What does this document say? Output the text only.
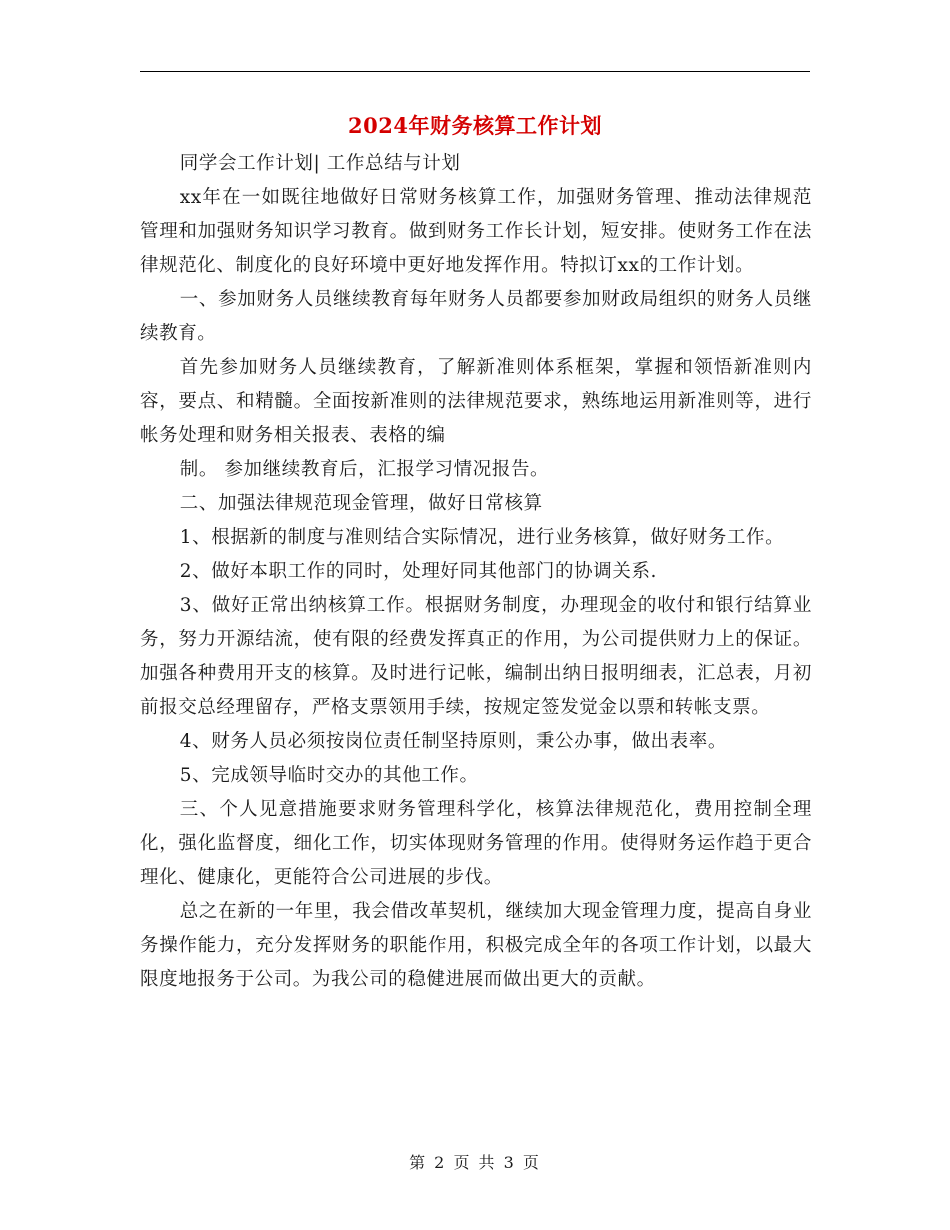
2024年财务核算工作计划

同学会工作计划| 工作总结与计划

xx年在一如既往地做好日常财务核算工作，加强财务管理、推动法律规范管理和加强财务知识学习教育。做到财务工作长计划，短安排。使财务工作在法律规范化、制度化的良好环境中更好地发挥作用。特拟订xx的工作计划。

一、参加财务人员继续教育每年财务人员都要参加财政局组织的财务人员继续教育。

首先参加财务人员继续教育，了解新准则体系框架，掌握和领悟新准则内容，要点、和精髓。全面按新准则的法律规范要求，熟练地运用新准则等，进行帐务处理和财务相关报表、表格的编

制。 参加继续教育后，汇报学习情况报告。

二、加强法律规范现金管理，做好日常核算

1、根据新的制度与准则结合实际情况，进行业务核算，做好财务工作。

2、做好本职工作的同时，处理好同其他部门的协调关系.

3、做好正常出纳核算工作。根据财务制度，办理现金的收付和银行结算业务，努力开源结流，使有限的经费发挥真正的作用，为公司提供财力上的保证。加强各种费用开支的核算。及时进行记帐，编制出纳日报明细表，汇总表，月初前报交总经理留存，严格支票领用手续，按规定签发觉金以票和转帐支票。

4、财务人员必须按岗位责任制坚持原则，秉公办事，做出表率。

5、完成领导临时交办的其他工作。

三、个人见意措施要求财务管理科学化，核算法律规范化，费用控制全理化，强化监督度，细化工作，切实体现财务管理的作用。使得财务运作趋于更合理化、健康化，更能符合公司进展的步伐。

总之在新的一年里，我会借改革契机，继续加大现金管理力度，提高自身业务操作能力，充分发挥财务的职能作用，积极完成全年的各项工作计划，以最大限度地报务于公司。为我公司的稳健进展而做出更大的贡献。

第 2 页 共 3 页
